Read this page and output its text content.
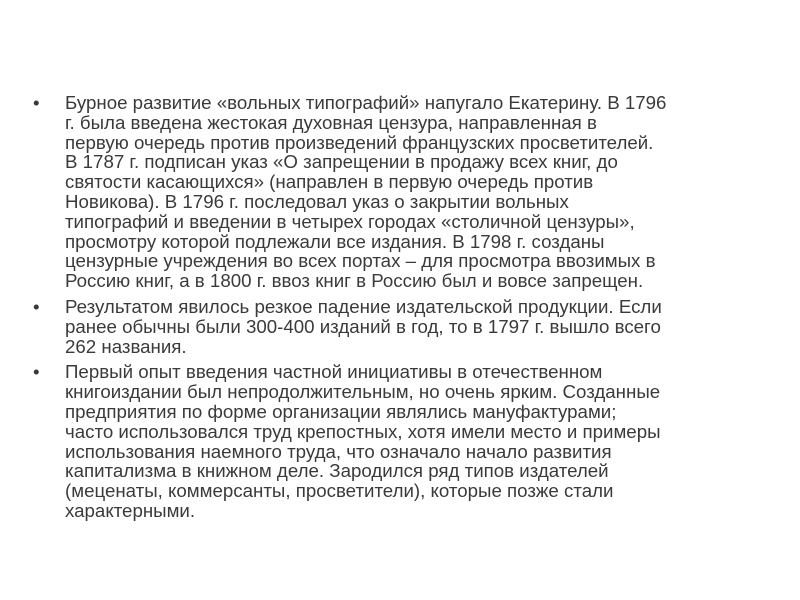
• Бурное развитие «вольных типографий» напугало Екатерину. В 1796
г. была введена жестокая духовная цензура, направленная в
первую очередь против произведений французских просветителей.
В 1787 г. подписан указ «О запрещении в продажу всех книг, до
святости касающихся» (направлен в первую очередь против
Новикова). В 1796 г. последовал указ о закрытии вольных
типографий и введении в четырех городах «столичной цензуры»,
просмотру которой подлежали все издания. В 1798 г. созданы
цензурные учреждения во всех портах – для просмотра ввозимых в
Россию книг, а в 1800 г. ввоз книг в Россию был и вовсе запрещен.
• Результатом явилось резкое падение издательской продукции. Если
ранее обычны были 300-400 изданий в год, то в 1797 г. вышло всего
262 названия.
• Первый опыт введения частной инициативы в отечественном
книгоиздании был непродолжительным, но очень ярким. Созданные
предприятия по форме организации являлись мануфактурами;
часто использовался труд крепостных, хотя имели место и примеры
использования наемного труда, что означало начало развития
капитализма в книжном деле. Зародился ряд типов издателей
(меценаты, коммерсанты, просветители), которые позже стали
характерными.
